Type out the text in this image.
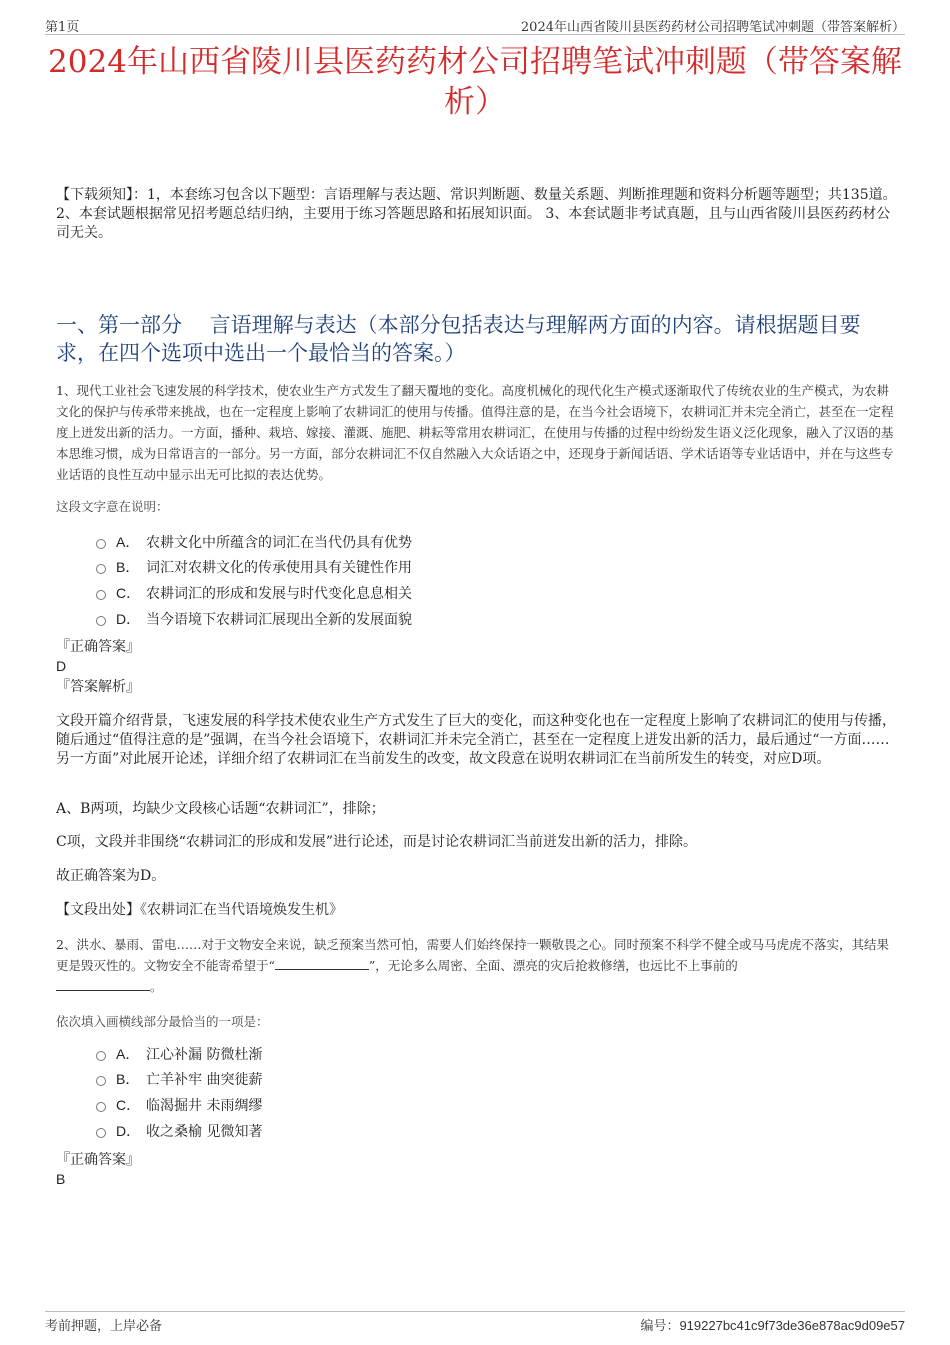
第1页	2024年山西省陵川县医药药材公司招聘笔试冲刺题（带答案解析）
2024年山西省陵川县医药药材公司招聘笔试冲刺题（带答案解析）
【下载须知】：1，本套练习包含以下题型：言语理解与表达题、常识判断题、数量关系题、判断推理题和资料分析题等题型；共135道。 2、本套试题根据常见招考题总结归纳，主要用于练习答题思路和拓展知识面。 3、本套试题非考试真题，且与山西省陵川县医药药材公司无关。
一、第一部分　 言语理解与表达（本部分包括表达与理解两方面的内容。请根据题目要求，在四个选项中选出一个最恰当的答案。）
1、现代工业社会飞速发展的科学技术，使农业生产方式发生了翻天覆地的变化。高度机械化的现代化生产模式逐渐取代了传统农业的生产模式，为农耕文化的保护与传承带来挑战，也在一定程度上影响了农耕词汇的使用与传播。值得注意的是，在当今社会语境下，农耕词汇并未完全消亡，甚至在一定程度上迸发出新的活力。一方面，播种、栽培、嫁接、灌溉、施肥、耕耘等常用农耕词汇，在使用与传播的过程中纷纷发生语义泛化现象，融入了汉语的基本思维习惯，成为日常语言的一部分。另一方面，部分农耕词汇不仅自然融入大众话语之中，还现身于新闻话语、学术话语等专业话语中，并在与这些专业话语的良性互动中显示出无可比拟的表达优势。
这段文字意在说明：
A． 农耕文化中所蕴含的词汇在当代仍具有优势
B． 词汇对农耕文化的传承使用具有关键性作用
C． 农耕词汇的形成和发展与时代变化息息相关
D． 当今语境下农耕词汇展现出全新的发展面貌
『正确答案』
D
『答案解析』
文段开篇介绍背景，飞速发展的科学技术使农业生产方式发生了巨大的变化，而这种变化也在一定程度上影响了农耕词汇的使用与传播，随后通过“值得注意的是”强调，在当今社会语境下，农耕词汇并未完全消亡，甚至在一定程度上迸发出新的活力，最后通过“一方面……另一方面”对此展开论述，详细介绍了农耕词汇在当前发生的改变，故文段意在说明农耕词汇在当前所发生的转变，对应D项。
A、B两项，均缺少文段核心话题“农耕词汇”，排除；
C项，文段并非围绕“农耕词汇的形成和发展”进行论述，而是讨论农耕词汇当前迸发出新的活力，排除。
故正确答案为D。
【文段出处】《农耕词汇在当代语境焕发生机》
2、洪水、暴雨、雷电……对于文物安全来说，缺乏预案当然可怕，需要人们始终保持一颗敬畏之心。同时预案不科学不健全或马马虎虎不落实，其结果更是毁灭性的。文物安全不能寄希望于“	”，无论多么周密、全面、漂亮的灾后抢救修缮，也远比不上事前的
。
依次填入画横线部分最恰当的一项是：
A． 江心补漏 防微杜渐
B． 亡羊补牢 曲突徙薪
C． 临渴掘井 未雨绸缪
D． 收之桑榆 见微知著
『正确答案』
B
考前押题，上岸必备	编号：919227bc41c9f73de36e878ac9d09e57
